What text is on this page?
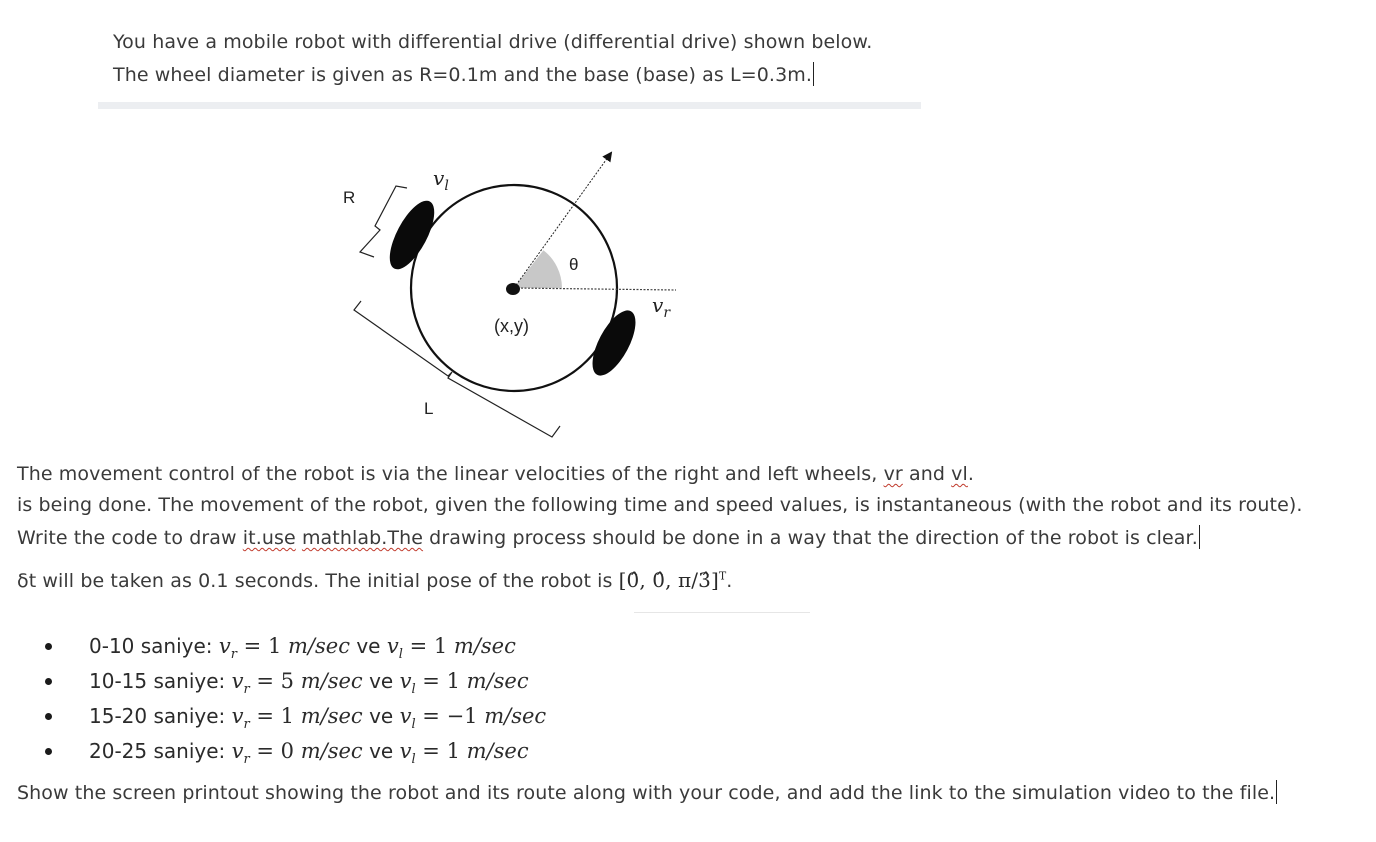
You have a mobile robot with differential drive (differential drive) shown below.
The wheel diameter is given as R=0.1m and the base (base) as L=0.3m.
R
$v_l$
θ
$v_r$
(x,y)
L
The movement control of the robot is via the linear velocities of the right and left wheels, vr and vl.
is being done. The movement of the robot, given the following time and speed values, is instantaneous (with the robot and its route).
Write the code to draw it.use mathlab.The drawing process should be done in a way that the direction of the robot is clear.
δt will be taken as 0.1 seconds. The initial pose of the robot is [0̂, 0̂, π/3̂]$^T$.
0-10 saniye: $v_r = 1$ m/sec ve $v_l = 1$ m/sec
10-15 saniye: $v_r = 5$ m/sec ve $v_l = 1$ m/sec
15-20 saniye: $v_r = 1$ m/sec ve $v_l = -1$ m/sec
20-25 saniye: $v_r = 0$ m/sec ve $v_l = 1$ m/sec
Show the screen printout showing the robot and its route along with your code, and add the link to the simulation video to the file.
